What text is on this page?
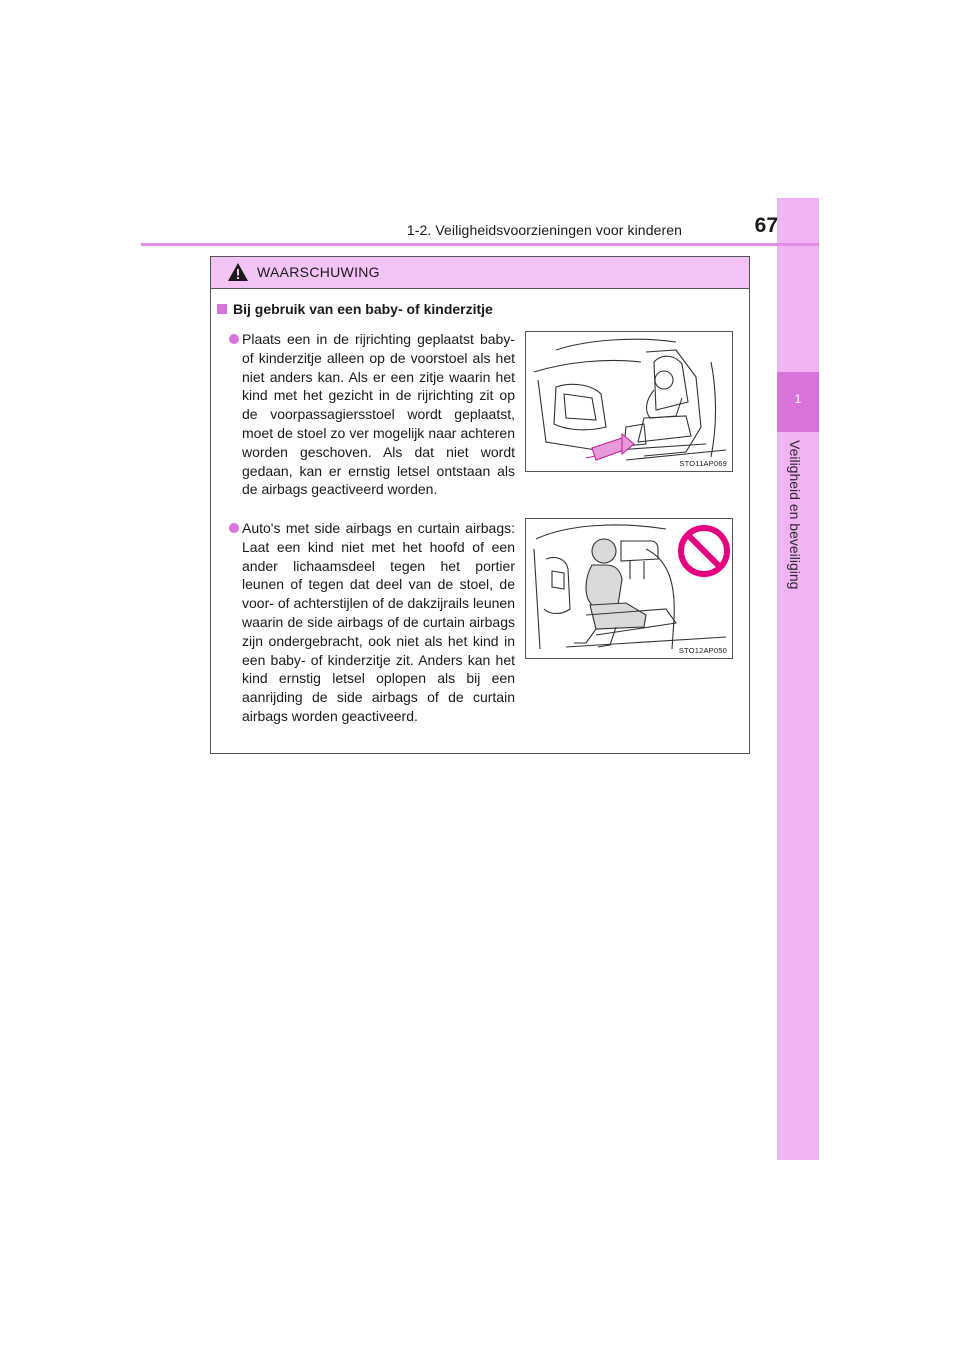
1
Veiligheid en beveiliging
1-2. Veiligheidsvoorzieningen voor kinderen	67
WAARSCHUWING
Bij gebruik van een baby- of kinderzitje
Plaats een in de rijrichting geplaatst baby- of kinderzitje alleen op de voorstoel als het niet anders kan. Als er een zitje waarin het kind met het gezicht in de rijrichting zit op de voorpassagiersstoel wordt geplaatst, moet de stoel zo ver mogelijk naar achteren worden geschoven. Als dat niet wordt gedaan, kan er ernstig letsel ontstaan als de airbags geactiveerd worden.
STO11AP069
Auto's met side airbags en curtain airbags: Laat een kind niet met het hoofd of een ander lichaamsdeel tegen het portier leunen of tegen dat deel van de stoel, de voor- of achterstijlen of de dakzijrails leunen waarin de side airbags of de curtain airbags zijn ondergebracht, ook niet als het kind in een baby- of kinderzitje zit. Anders kan het kind ernstig letsel oplopen als bij een aanrijding de side airbags of de curtain airbags worden geactiveerd.
STO12AP050
